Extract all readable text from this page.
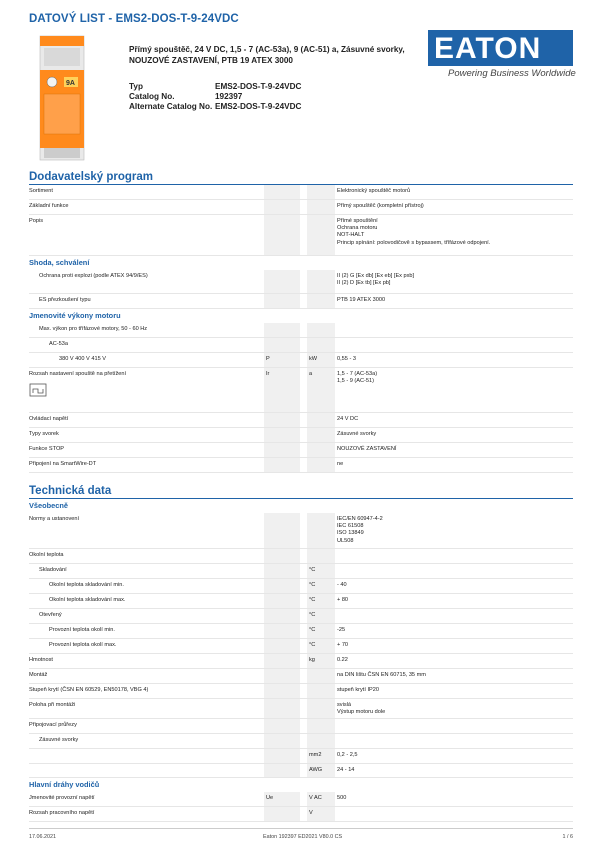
DATOVÝ LIST - EMS2-DOS-T-9-24VDC
9A
Přímý spouštěč, 24 V DC, 1,5 - 7 (AC-53a), 9 (AC-51) a, Zásuvné svorky, NOUZOVÉ ZASTAVENÍ, PTB 19 ATEX 3000	EATON
Powering Business Worldwide
Typ	EMS2-DOS-T-9-24VDC
Catalog No.	192397
Alternate Catalog No. EMS2-DOS-T-9-24VDC
Dodavatelský program
Sortiment	Elektronický spouštěč motorů
Základní funkce	Přímý spouštěč (kompletní přístroj)
Popis	Přímé spouštění
Ochrana motoru
NOT-HALT
Princip spínání: polovodičově s bypassem, třífázové odpojení.
Shoda, schválení
Ochrana proti explozi (podle ATEX 94/9/ES)	II (2) G [Ex db] [Ex eb] [Ex pxb]
II (2) D [Ex tb] [Ex pb]
ES přezkoušení typu	PTB 19 ATEX 3000
Jmenovité výkony motoru
Max. výkon pro třífázové motory, 50 - 60 Hz
AC-53a
380 V 400 V 415 V	P	kW	0,55 - 3
Rozsah nastavení spouště na přetížení	Ir	a	1,5 - 7 (AC-53a)
1,5 - 9 (AC-51)
Ovládací napětí	24 V DC
Typy svorek	Zásuvné svorky
Funkce STOP	NOUZOVÉ ZASTAVENÍ
Připojení na SmartWire-DT	ne
Technická data
Všeobecně
Normy a ustanovení	IEC/EN 60947-4-2
IEC 61508
ISO 13849
UL508
Okolní teplota
Skladování	°C
Okolní teplota skladování min.	°C	- 40
Okolní teplota skladování max.	°C	+ 80
Otevřený	°C
Provozní teplota okolí min.	°C	-25
Provozní teplota okolí max.	°C	+ 70
Hmotnost	kg	0.22
Montáž	na DIN lištu ČSN EN 60715, 35 mm
Stupeň krytí (ČSN EN 60529, EN50178, VBG 4)	stupeň krytí IP20
Poloha při montáži	svislá
Výstup motoru dole
Připojovací průřezy
Zásuvné svorky
mm2	0,2 - 2,5
AWG	24 - 14
Hlavní dráhy vodičů
Jmenovité provozní napětí	Ue	V AC	500
Rozsah pracovního napětí	V
17.06.2021	Eaton 192397 ED2021 V80.0 CS	1 / 6
